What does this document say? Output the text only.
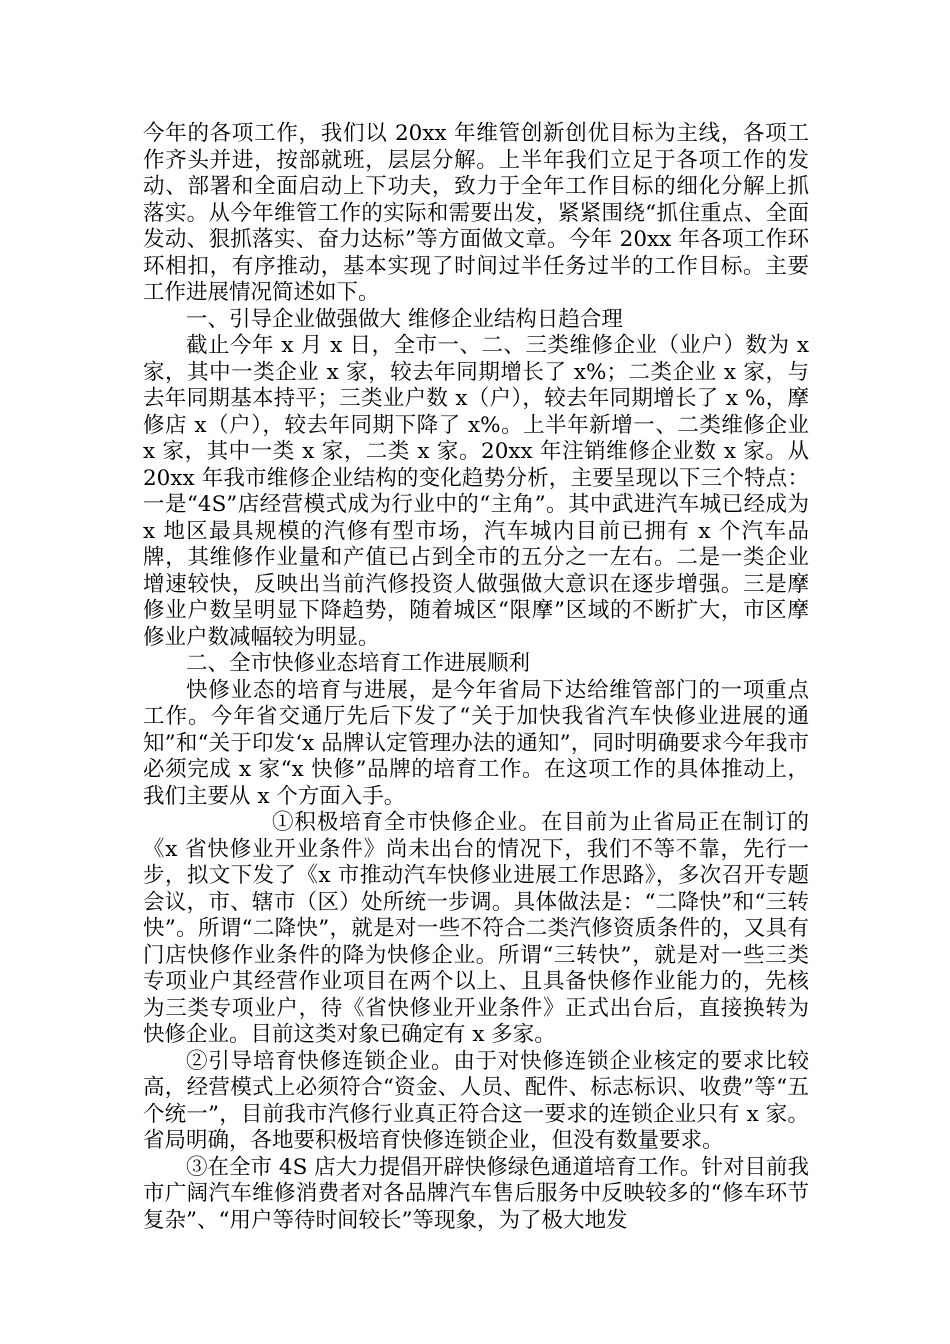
今年的各项工作，我们以 20xx 年维管创新创优目标为主线，各项工作齐头并进，按部就班，层层分解。上半年我们立足于各项工作的发动、部署和全面启动上下功夫，致力于全年工作目标的细化分解上抓落实。从今年维管工作的实际和需要出发，紧紧围绕“抓住重点、全面发动、狠抓落实、奋力达标”等方面做文章。今年 20xx 年各项工作环环相扣，有序推动，基本实现了时间过半任务过半的工作目标。主要工作进展情况简述如下。

一、引导企业做强做大 维修企业结构日趋合理

截止今年 x 月 x 日，全市一、二、三类维修企业（业户）数为 x 家，其中一类企业 x 家，较去年同期增长了 x%；二类企业 x 家，与去年同期基本持平；三类业户数 x（户），较去年同期增长了 x %，摩修店 x（户），较去年同期下降了 x%。上半年新增一、二类维修企业 x 家，其中一类 x 家，二类 x 家。20xx 年注销维修企业数 x 家。从 20xx 年我市维修企业结构的变化趋势分析，主要呈现以下三个特点：一是“4S”店经营模式成为行业中的“主角”。其中武进汽车城已经成为 x 地区最具规模的汽修有型市场，汽车城内目前已拥有 x 个汽车品牌，其维修作业量和产值已占到全市的五分之一左右。二是一类企业增速较快，反映出当前汽修投资人做强做大意识在逐步增强。三是摩修业户数呈明显下降趋势，随着城区“限摩”区域的不断扩大，市区摩修业户数减幅较为明显。

二、全市快修业态培育工作进展顺利

快修业态的培育与进展，是今年省局下达给维管部门的一项重点工作。今年省交通厅先后下发了“关于加快我省汽车快修业进展的通知”和“关于印发‘x 品牌认定管理办法的通知”，同时明确要求今年我市必须完成 x 家“x 快修”品牌的培育工作。在这项工作的具体推动上，我们主要从 x 个方面入手。

①积极培育全市快修企业。在目前为止省局正在制订的《x 省快修业开业条件》尚未出台的情况下，我们不等不靠，先行一步，拟文下发了《x 市推动汽车快修业进展工作思路》，多次召开专题会议，市、辖市（区）处所统一步调。具体做法是：“二降快”和“三转快”。所谓“二降快”，就是对一些不符合二类汽修资质条件的，又具有门店快修作业条件的降为快修企业。所谓“三转快”，就是对一些三类专项业户其经营作业项目在两个以上、且具备快修作业能力的，先核为三类专项业户，待《省快修业开业条件》正式出台后，直接换转为快修企业。目前这类对象已确定有 x 多家。

②引导培育快修连锁企业。由于对快修连锁企业核定的要求比较高，经营模式上必须符合“资金、人员、配件、标志标识、收费”等“五个统一”，目前我市汽修行业真正符合这一要求的连锁企业只有 x 家。省局明确，各地要积极培育快修连锁企业，但没有数量要求。

③在全市 4S 店大力提倡开辟快修绿色通道培育工作。针对目前我市广阔汽车维修消费者对各品牌汽车售后服务中反映较多的“修车环节复杂”、“用户等待时间较长”等现象，为了极大地发
